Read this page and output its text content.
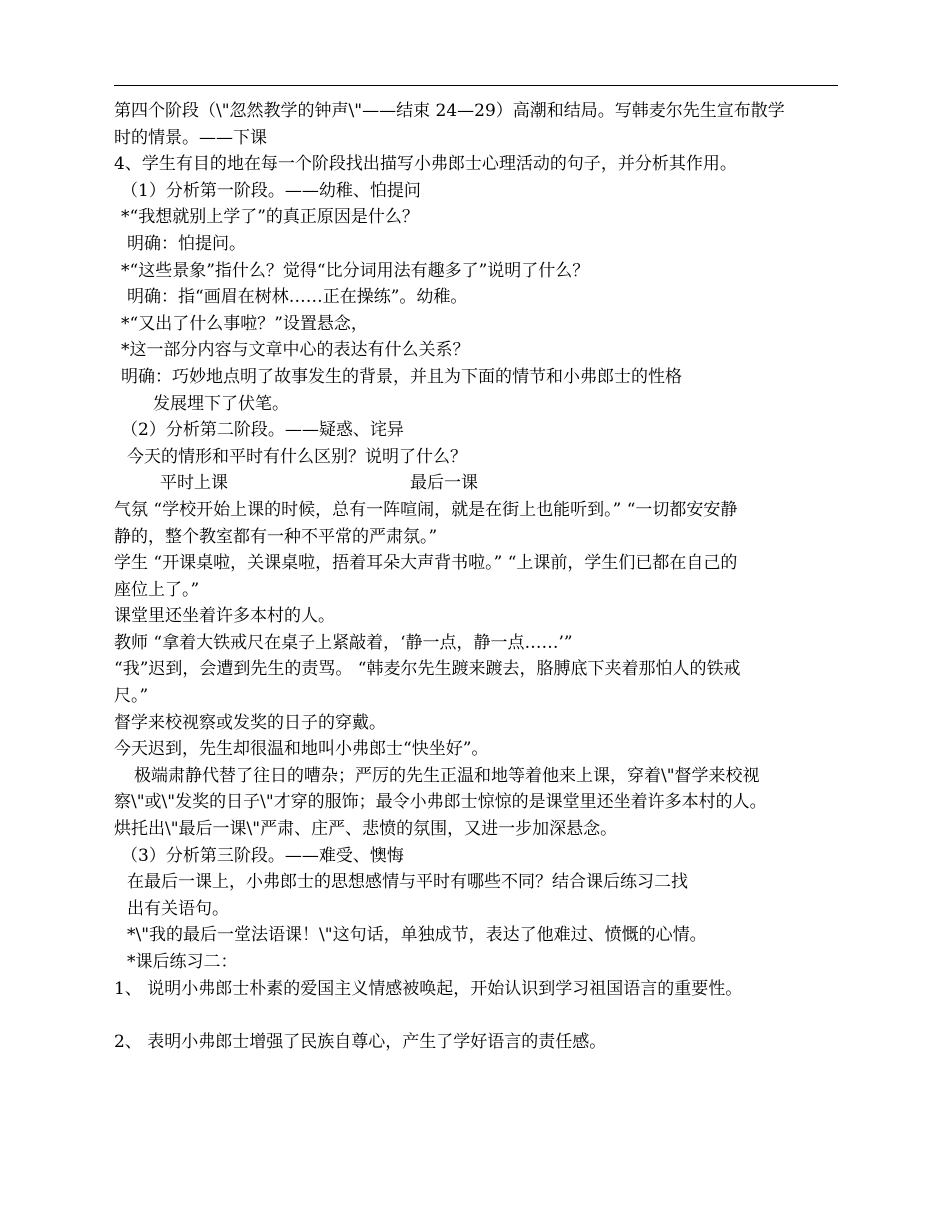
第四个阶段（\"忽然教学的钟声\"——结束 24—29）高潮和结局。写韩麦尔先生宣布散学
时的情景。——下课
4、学生有目的地在每一个阶段找出描写小弗郎士心理活动的句子，并分析其作用。
（1）分析第一阶段。——幼稚、怕提问
*“我想就别上学了”的真正原因是什么？
明确：怕提问。
*“这些景象”指什么？觉得“比分词用法有趣多了”说明了什么？
明确：指“画眉在树林……正在操练”。幼稚。
*“又出了什么事啦？”设置悬念，
*这一部分内容与文章中心的表达有什么关系？
明确：巧妙地点明了故事发生的背景，并且为下面的情节和小弗郎士的性格
发展埋下了伏笔。
（2）分析第二阶段。——疑惑、诧异
今天的情形和平时有什么区别？说明了什么？
平时上课	最后一课
气氛 “学校开始上课的时候，总有一阵喧闹，就是在街上也能听到。” “一切都安安静
静的，整个教室都有一种不平常的严肃氛。”
学生 “开课桌啦，关课桌啦，捂着耳朵大声背书啦。” “上课前，学生们已都在自己的
座位上了。”
课堂里还坐着许多本村的人。
教师 “拿着大铁戒尺在桌子上紧敲着，‘静一点，静一点……’”
“我”迟到，会遭到先生的责骂。 “韩麦尔先生踱来踱去，胳膊底下夹着那怕人的铁戒
尺。”
督学来校视察或发奖的日子的穿戴。
今天迟到，先生却很温和地叫小弗郎士“快坐好”。
极端肃静代替了往日的嘈杂；严厉的先生正温和地等着他来上课，穿着\"督学来校视
察\"或\"发奖的日子\"才穿的服饰；最令小弗郎士惊惊的是课堂里还坐着许多本村的人。
烘托出\"最后一课\"严肃、庄严、悲愤的氛围，又进一步加深悬念。
（3）分析第三阶段。——难受、懊悔
在最后一课上，小弗郎士的思想感情与平时有哪些不同？结合课后练习二找
出有关语句。
*\"我的最后一堂法语课！\"这句话，单独成节，表达了他难过、愤慨的心情。
*课后练习二：
1、 说明小弗郎士朴素的爱国主义情感被唤起，开始认识到学习祖国语言的重要性。
2、 表明小弗郎士增强了民族自尊心，产生了学好语言的责任感。
